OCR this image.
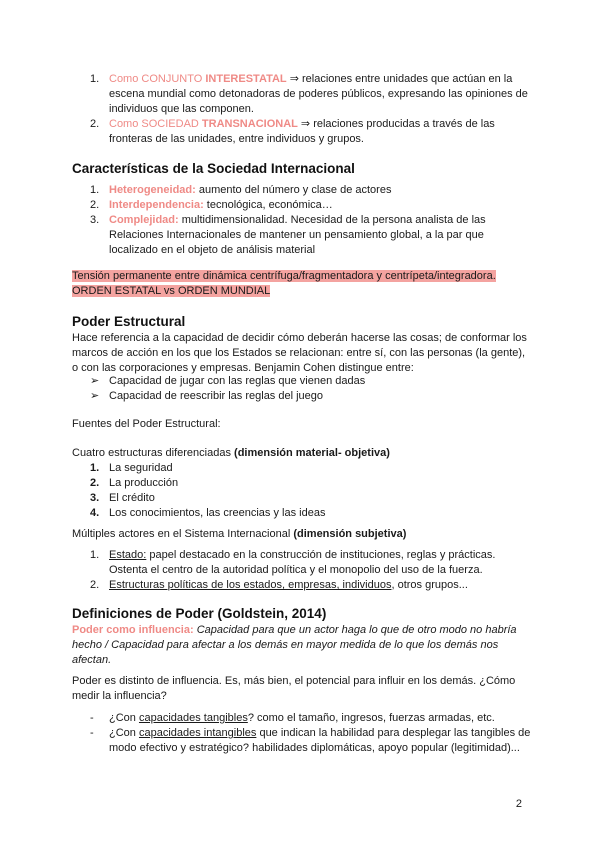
1. Como CONJUNTO INTERESTATAL ⇒ relaciones entre unidades que actúan en la escena mundial como detonadoras de poderes públicos, expresando las opiniones de individuos que las componen.
2. Como SOCIEDAD TRANSNACIONAL ⇒ relaciones producidas a través de las fronteras de las unidades, entre individuos y grupos.
Características de la Sociedad Internacional
1. Heterogeneidad: aumento del número y clase de actores
2. Interdependencia: tecnológica, económica…
3. Complejidad: multidimensionalidad. Necesidad de la persona analista de las Relaciones Internacionales de mantener un pensamiento global, a la par que localizado en el objeto de análisis material
Tensión permanente entre dinámica centrífuga/fragmentadora y centrípeta/integradora.
ORDEN ESTATAL vs ORDEN MUNDIAL
Poder Estructural

Hace referencia a la capacidad de decidir cómo deberán hacerse las cosas; de conformar los marcos de acción en los que los Estados se relacionan: entre sí, con las personas (la gente), o con las corporaciones y empresas. Benjamin Cohen distingue entre:

➢ Capacidad de jugar con las reglas que vienen dadas
➢ Capacidad de reescribir las reglas del juego

Fuentes del Poder Estructural:

Cuatro estructuras diferenciadas (dimensión material- objetiva)

1. La seguridad
2. La producción
3. El crédito
4. Los conocimientos, las creencias y las ideas

Múltiples actores en el Sistema Internacional (dimensión subjetiva)

1. Estado: papel destacado en la construcción de instituciones, reglas y prácticas. Ostenta el centro de la autoridad política y el monopolio del uso de la fuerza.
2. Estructuras políticas de los estados, empresas, individuos, otros grupos...
Definiciones de Poder (Goldstein, 2014)

Poder como influencia: Capacidad para que un actor haga lo que de otro modo no habría hecho / Capacidad para afectar a los demás en mayor medida de lo que los demás nos afectan.

Poder es distinto de influencia. Es, más bien, el potencial para influir en los demás. ¿Cómo medir la influencia?

- ¿Con capacidades tangibles? como el tamaño, ingresos, fuerzas armadas, etc.
- ¿Con capacidades intangibles que indican la habilidad para desplegar las tangibles de modo efectivo y estratégico? habilidades diplomáticas, apoyo popular (legitimidad)...
2
